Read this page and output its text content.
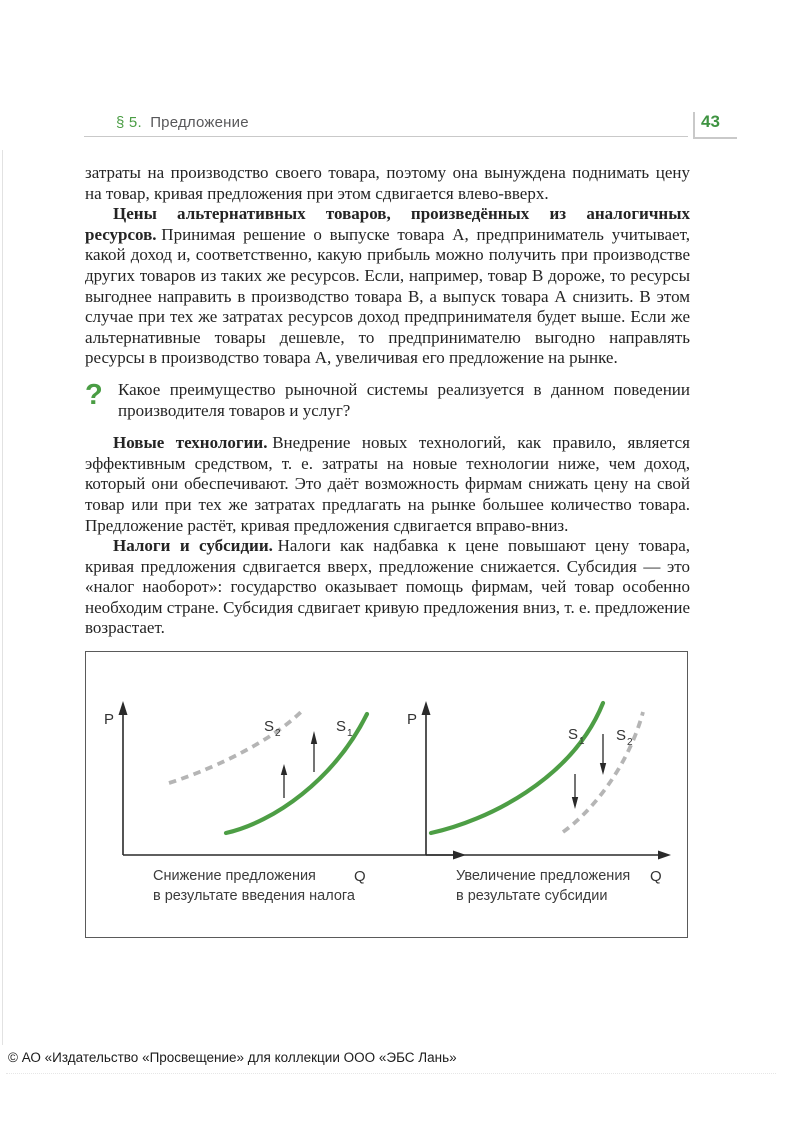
§ 5. Предложение	43

затраты на производство своего товара, поэтому она вынуждена поднимать цену на товар, кривая предложения при этом сдвигается влево-вверх.

Цены альтернативных товаров, произведённых из аналогичных ресурсов. Принимая решение о выпуске товара А, предприниматель учитывает, какой доход и, соответственно, какую прибыль можно получить при производстве других товаров из таких же ресурсов. Если, например, товар В дороже, то ресурсы выгоднее направить в производство товара В, а выпуск товара А снизить. В этом случае при тех же затратах ресурсов доход предпринимателя будет выше. Если же альтернативные товары дешевле, то предпринимателю выгодно направлять ресурсы в производство товара А, увеличивая его предложение на рынке.

? Какое преимущество рыночной системы реализуется в данном поведении производителя товаров и услуг?

Новые технологии. Внедрение новых технологий, как правило, является эффективным средством, т. е. затраты на новые технологии ниже, чем доход, который они обеспечивают. Это даёт возможность фирмам снижать цену на свой товар или при тех же затратах предлагать на рынке большее количество товара. Предложение растёт, кривая предложения сдвигается вправо-вниз.

Налоги и субсидии. Налоги как надбавка к цене повышают цену товара, кривая предложения сдвигается вверх, предложение снижается. Субсидия — это «налог наоборот»: государство оказывает помощь фирмам, чей товар особенно необходим стране. Субсидия сдвигает кривую предложения вниз, т. е. предложение возрастает.

P
Q
S 2	S 1
Снижение предложения
в результате введения налога
P
Q
S 1 S 2
Увеличение предложения
в результате субсидии
© АО «Издательство «Просвещение» для коллекции ООО «ЭБС Лань»
